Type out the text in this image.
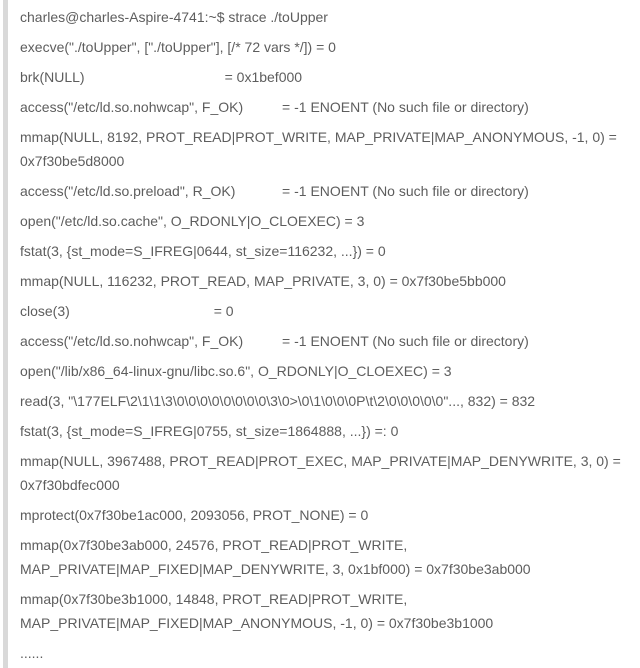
charles@charles-Aspire-4741:~$ strace ./toUpper
execve("./toUpper", ["./toUpper"], [/* 72 vars */]) = 0
brk(NULL)                                    = 0x1bef000
access("/etc/ld.so.nohwcap", F_OK)          = -1 ENOENT (No such file or directory)
mmap(NULL, 8192, PROT_READ|PROT_WRITE, MAP_PRIVATE|MAP_ANONYMOUS, -1, 0) =
0x7f30be5d8000
access("/etc/ld.so.preload", R_OK)            = -1 ENOENT (No such file or directory)
open("/etc/ld.so.cache", O_RDONLY|O_CLOEXEC) = 3
fstat(3, {st_mode=S_IFREG|0644, st_size=116232, ...}) = 0
mmap(NULL, 116232, PROT_READ, MAP_PRIVATE, 3, 0) = 0x7f30be5bb000
close(3)                                     = 0
access("/etc/ld.so.nohwcap", F_OK)          = -1 ENOENT (No such file or directory)
open("/lib/x86_64-linux-gnu/libc.so.6", O_RDONLY|O_CLOEXEC) = 3
read(3, "\177ELF\2\1\1\3\0\0\0\0\0\0\0\0\3\0>\0\1\0\0\0P\t\2\0\0\0\0\0"..., 832) = 832
fstat(3, {st_mode=S_IFREG|0755, st_size=1864888, ...}) =: 0
mmap(NULL, 3967488, PROT_READ|PROT_EXEC, MAP_PRIVATE|MAP_DENYWRITE, 3, 0) =
0x7f30bdfec000
mprotect(0x7f30be1ac000, 2093056, PROT_NONE) = 0
mmap(0x7f30be3ab000, 24576, PROT_READ|PROT_WRITE,
MAP_PRIVATE|MAP_FIXED|MAP_DENYWRITE, 3, 0x1bf000) = 0x7f30be3ab000
mmap(0x7f30be3b1000, 14848, PROT_READ|PROT_WRITE,
MAP_PRIVATE|MAP_FIXED|MAP_ANONYMOUS, -1, 0) = 0x7f30be3b1000
......
